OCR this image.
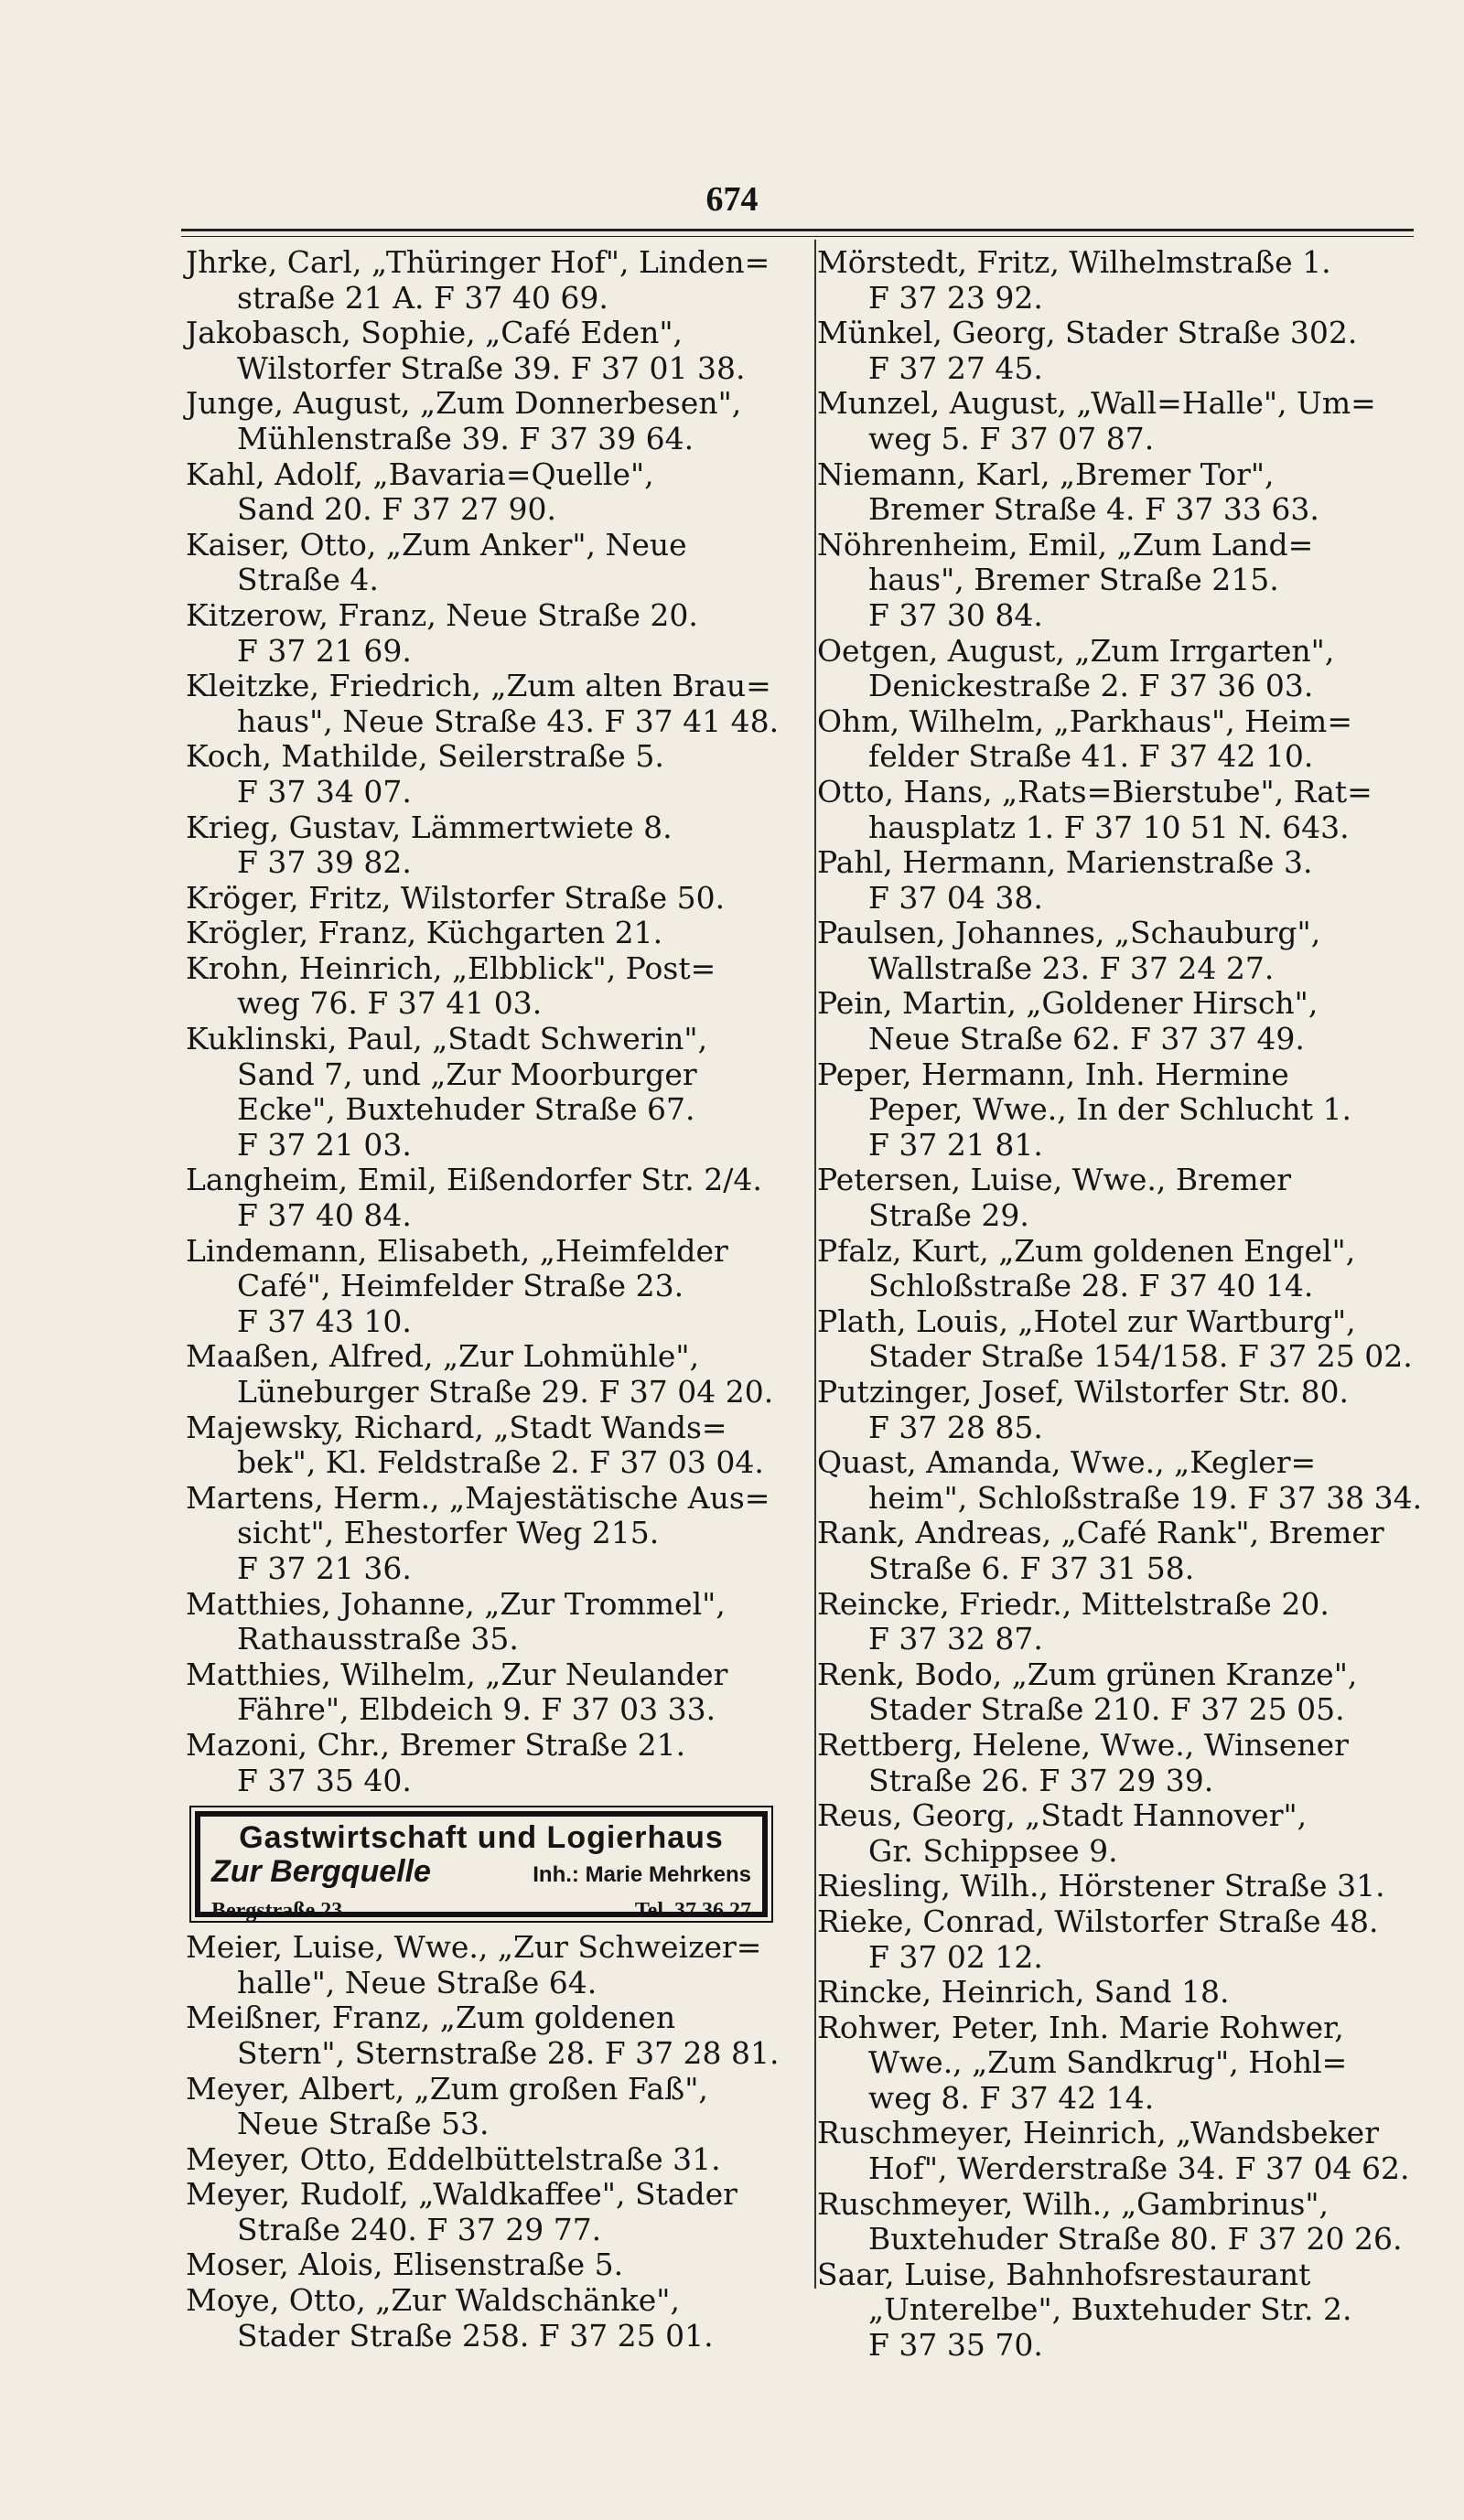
674

Jhrke, Carl, „Thüringer Hof", Linden=
straße 21 A. F 37 40 69.

Jakobasch, Sophie, „Café Eden",
Wilstorfer Straße 39. F 37 01 38.

Junge, August, „Zum Donnerbesen",
Mühlenstraße 39. F 37 39 64.

Kahl, Adolf, „Bavaria=Quelle",
Sand 20. F 37 27 90.

Kaiser, Otto, „Zum Anker", Neue
Straße 4.

Kitzerow, Franz, Neue Straße 20.
F 37 21 69.

Kleitzke, Friedrich, „Zum alten Brau=
haus", Neue Straße 43. F 37 41 48.

Koch, Mathilde, Seilerstraße 5.
F 37 34 07.

Krieg, Gustav, Lämmertwiete 8.
F 37 39 82.

Kröger, Fritz, Wilstorfer Straße 50.

Krögler, Franz, Küchgarten 21.

Krohn, Heinrich, „Elbblick", Post=
weg 76. F 37 41 03.

Kuklinski, Paul, „Stadt Schwerin",
Sand 7, und „Zur Moorburger
Ecke", Buxtehuder Straße 67.
F 37 21 03.

Langheim, Emil, Eißendorfer Str. 2/4.
F 37 40 84.

Lindemann, Elisabeth, „Heimfelder
Café", Heimfelder Straße 23.
F 37 43 10.

Maaßen, Alfred, „Zur Lohmühle",
Lüneburger Straße 29. F 37 04 20.

Majewsky, Richard, „Stadt Wands=
bek", Kl. Feldstraße 2. F 37 03 04.

Martens, Herm., „Majestätische Aus=
sicht", Ehestorfer Weg 215.
F 37 21 36.

Matthies, Johanne, „Zur Trommel",
Rathausstraße 35.

Matthies, Wilhelm, „Zur Neulander
Fähre", Elbdeich 9. F 37 03 33.

Mazoni, Chr., Bremer Straße 21.
F 37 35 40.

Gastwirtschaft und Logierhaus
Zur Bergquelle	Inh.: Marie Mehrkens
Bergstraße 23	Tel. 37 36 27

Meier, Luise, Wwe., „Zur Schweizer=
halle", Neue Straße 64.

Meißner, Franz, „Zum goldenen
Stern", Sternstraße 28. F 37 28 81.

Meyer, Albert, „Zum großen Faß",
Neue Straße 53.

Meyer, Otto, Eddelbüttelstraße 31.

Meyer, Rudolf, „Waldkaffee", Stader
Straße 240. F 37 29 77.

Moser, Alois, Elisenstraße 5.

Moye, Otto, „Zur Waldschänke",
Stader Straße 258. F 37 25 01.

Mörstedt, Fritz, Wilhelmstraße 1.
F 37 23 92.

Münkel, Georg, Stader Straße 302.
F 37 27 45.

Munzel, August, „Wall=Halle", Um=
weg 5. F 37 07 87.

Niemann, Karl, „Bremer Tor",
Bremer Straße 4. F 37 33 63.

Nöhrenheim, Emil, „Zum Land=
haus", Bremer Straße 215.
F 37 30 84.

Oetgen, August, „Zum Irrgarten",
Denickestraße 2. F 37 36 03.

Ohm, Wilhelm, „Parkhaus", Heim=
felder Straße 41. F 37 42 10.

Otto, Hans, „Rats=Bierstube", Rat=
hausplatz 1. F 37 10 51 N. 643.

Pahl, Hermann, Marienstraße 3.
F 37 04 38.

Paulsen, Johannes, „Schauburg",
Wallstraße 23. F 37 24 27.

Pein, Martin, „Goldener Hirsch",
Neue Straße 62. F 37 37 49.

Peper, Hermann, Inh. Hermine
Peper, Wwe., In der Schlucht 1.
F 37 21 81.

Petersen, Luise, Wwe., Bremer
Straße 29.

Pfalz, Kurt, „Zum goldenen Engel",
Schloßstraße 28. F 37 40 14.

Plath, Louis, „Hotel zur Wartburg",
Stader Straße 154/158. F 37 25 02.

Putzinger, Josef, Wilstorfer Str. 80.
F 37 28 85.

Quast, Amanda, Wwe., „Kegler=
heim", Schloßstraße 19. F 37 38 34.

Rank, Andreas, „Café Rank", Bremer
Straße 6. F 37 31 58.

Reincke, Friedr., Mittelstraße 20.
F 37 32 87.

Renk, Bodo, „Zum grünen Kranze",
Stader Straße 210. F 37 25 05.

Rettberg, Helene, Wwe., Winsener
Straße 26. F 37 29 39.

Reus, Georg, „Stadt Hannover",
Gr. Schippsee 9.

Riesling, Wilh., Hörstener Straße 31.

Rieke, Conrad, Wilstorfer Straße 48.
F 37 02 12.

Rincke, Heinrich, Sand 18.

Rohwer, Peter, Inh. Marie Rohwer,
Wwe., „Zum Sandkrug", Hohl=
weg 8. F 37 42 14.

Ruschmeyer, Heinrich, „Wandsbeker
Hof", Werderstraße 34. F 37 04 62.

Ruschmeyer, Wilh., „Gambrinus",
Buxtehuder Straße 80. F 37 20 26.

Saar, Luise, Bahnhofsrestaurant
„Unterelbe", Buxtehuder Str. 2.
F 37 35 70.
